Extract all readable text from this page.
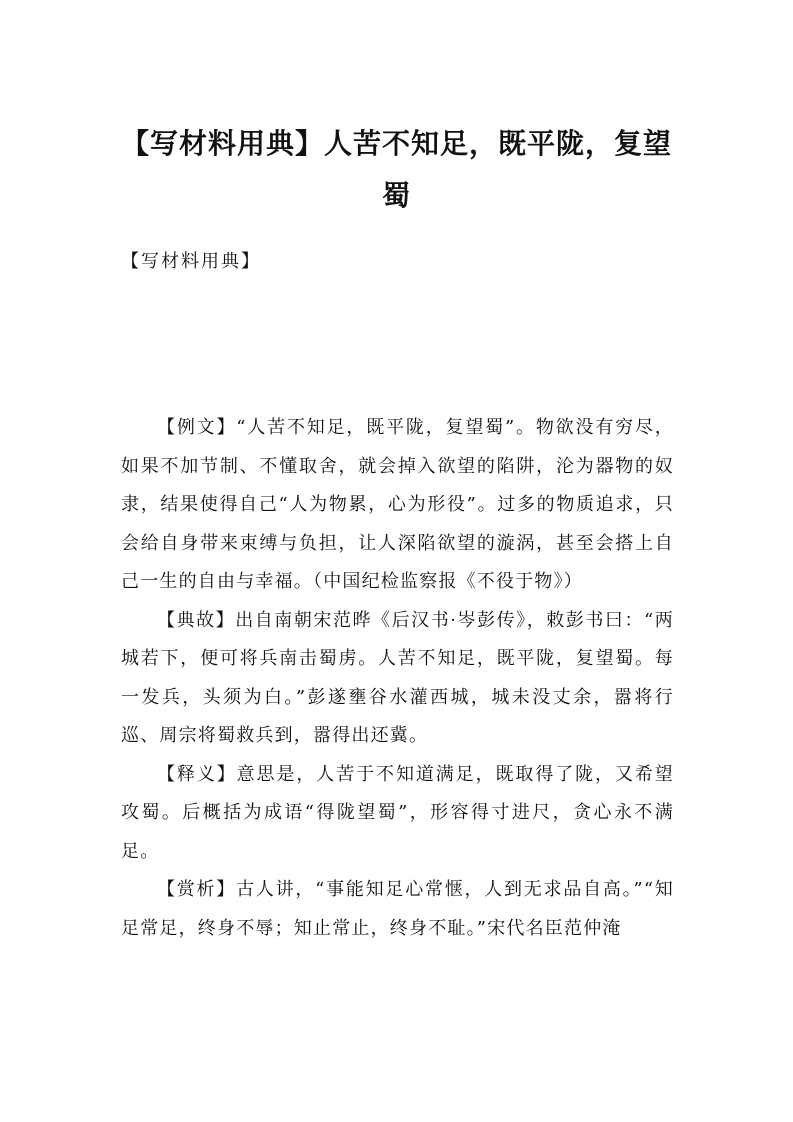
【写材料用典】人苦不知足，既平陇，复望蜀

【写材料用典】

【例文】“人苦不知足，既平陇，复望蜀”。物欲没有穷尽，如果不加节制、不懂取舍，就会掉入欲望的陷阱，沦为器物的奴隶，结果使得自己“人为物累，心为形役”。过多的物质追求，只会给自身带来束缚与负担，让人深陷欲望的漩涡，甚至会搭上自己一生的自由与幸福。（中国纪检监察报《不役于物》）

【典故】出自南朝宋范晔《后汉书·岑彭传》，敕彭书曰：“两城若下，便可将兵南击蜀虏。人苦不知足，既平陇，复望蜀。每一发兵，头须为白。”彭遂壅谷水灌西城，城未没丈余，嚣将行巡、周宗将蜀救兵到，嚣得出还冀。

【释义】意思是，人苦于不知道满足，既取得了陇，又希望攻蜀。后概括为成语“得陇望蜀”，形容得寸进尺，贪心永不满足。

【赏析】古人讲，“事能知足心常惬，人到无求品自高。”“知足常足，终身不辱；知止常止，终身不耻。”宋代名臣范仲淹
